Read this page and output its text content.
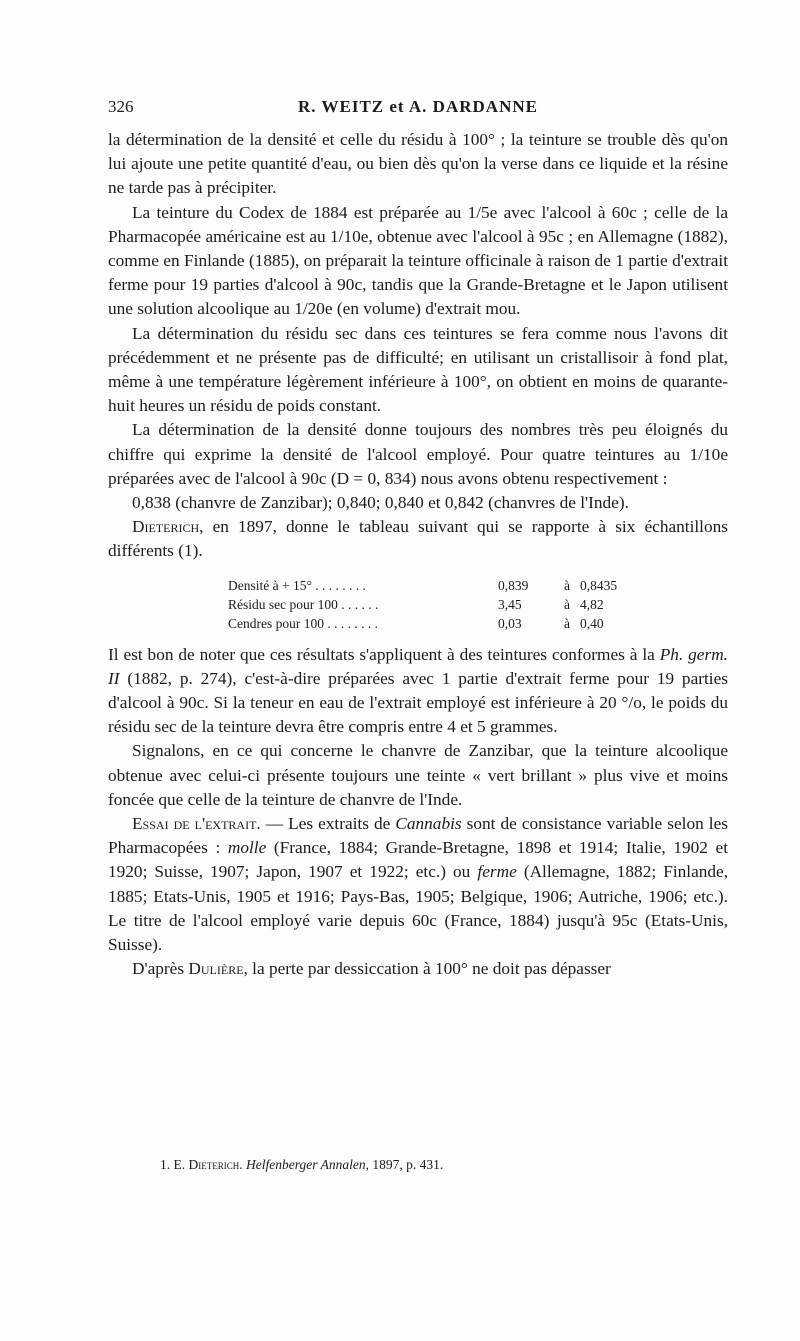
326	R. WEITZ et A. DARDANNE

la détermination de la densité et celle du résidu à 100° ; la teinture se trouble dès qu'on lui ajoute une petite quantité d'eau, ou bien dès qu'on la verse dans ce liquide et la résine ne tarde pas à précipiter.

La teinture du Codex de 1884 est préparée au 1/5e avec l'alcool à 60c ; celle de la Pharmacopée américaine est au 1/10e, obtenue avec l'alcool à 95c ; en Allemagne (1882), comme en Finlande (1885), on préparait la teinture officinale à raison de 1 partie d'extrait ferme pour 19 parties d'alcool à 90c, tandis que la Grande-Bretagne et le Japon utilisent une solution alcoolique au 1/20e (en volume) d'extrait mou.

La détermination du résidu sec dans ces teintures se fera comme nous l'avons dit précédemment et ne présente pas de difficulté; en utilisant un cristallisoir à fond plat, même à une température légèrement inférieure à 100°, on obtient en moins de quarante-huit heures un résidu de poids constant.

La détermination de la densité donne toujours des nombres très peu éloignés du chiffre qui exprime la densité de l'alcool employé. Pour quatre teintures au 1/10e préparées avec de l'alcool à 90c (D = 0, 834) nous avons obtenu respectivement :

0,838 (chanvre de Zanzibar); 0,840; 0,840 et 0,842 (chanvres de l'Inde).

Dieterich, en 1897, donne le tableau suivant qui se rapporte à six échantillons différents (1).

Densité à + 15° . . . . . . . .	0,839	à	0,8435
Résidu sec pour 100 . . . . . .	3,45	à	4,82
Cendres pour 100 . . . . . . . .	0,03	à	0,40

Il est bon de noter que ces résultats s'appliquent à des teintures conformes à la Ph. germ. II (1882, p. 274), c'est-à-dire préparées avec 1 partie d'extrait ferme pour 19 parties d'alcool à 90c. Si la teneur en eau de l'extrait employé est inférieure à 20 °/o, le poids du résidu sec de la teinture devra être compris entre 4 et 5 grammes.

Signalons, en ce qui concerne le chanvre de Zanzibar, que la teinture alcoolique obtenue avec celui-ci présente toujours une teinte « vert brillant » plus vive et moins foncée que celle de la teinture de chanvre de l'Inde.

Essai de l'extrait. — Les extraits de Cannabis sont de consistance variable selon les Pharmacopées : molle (France, 1884; Grande-Bretagne, 1898 et 1914; Italie, 1902 et 1920; Suisse, 1907; Japon, 1907 et 1922; etc.) ou ferme (Allemagne, 1882; Finlande, 1885; Etats-Unis, 1905 et 1916; Pays-Bas, 1905; Belgique, 1906; Autriche, 1906; etc.). Le titre de l'alcool employé varie depuis 60c (France, 1884) jusqu'à 95c (Etats-Unis, Suisse).

D'après Dulière, la perte par dessiccation à 100° ne doit pas dépasser

1. E. Dieterich. Helfenberger Annalen, 1897, p. 431.
